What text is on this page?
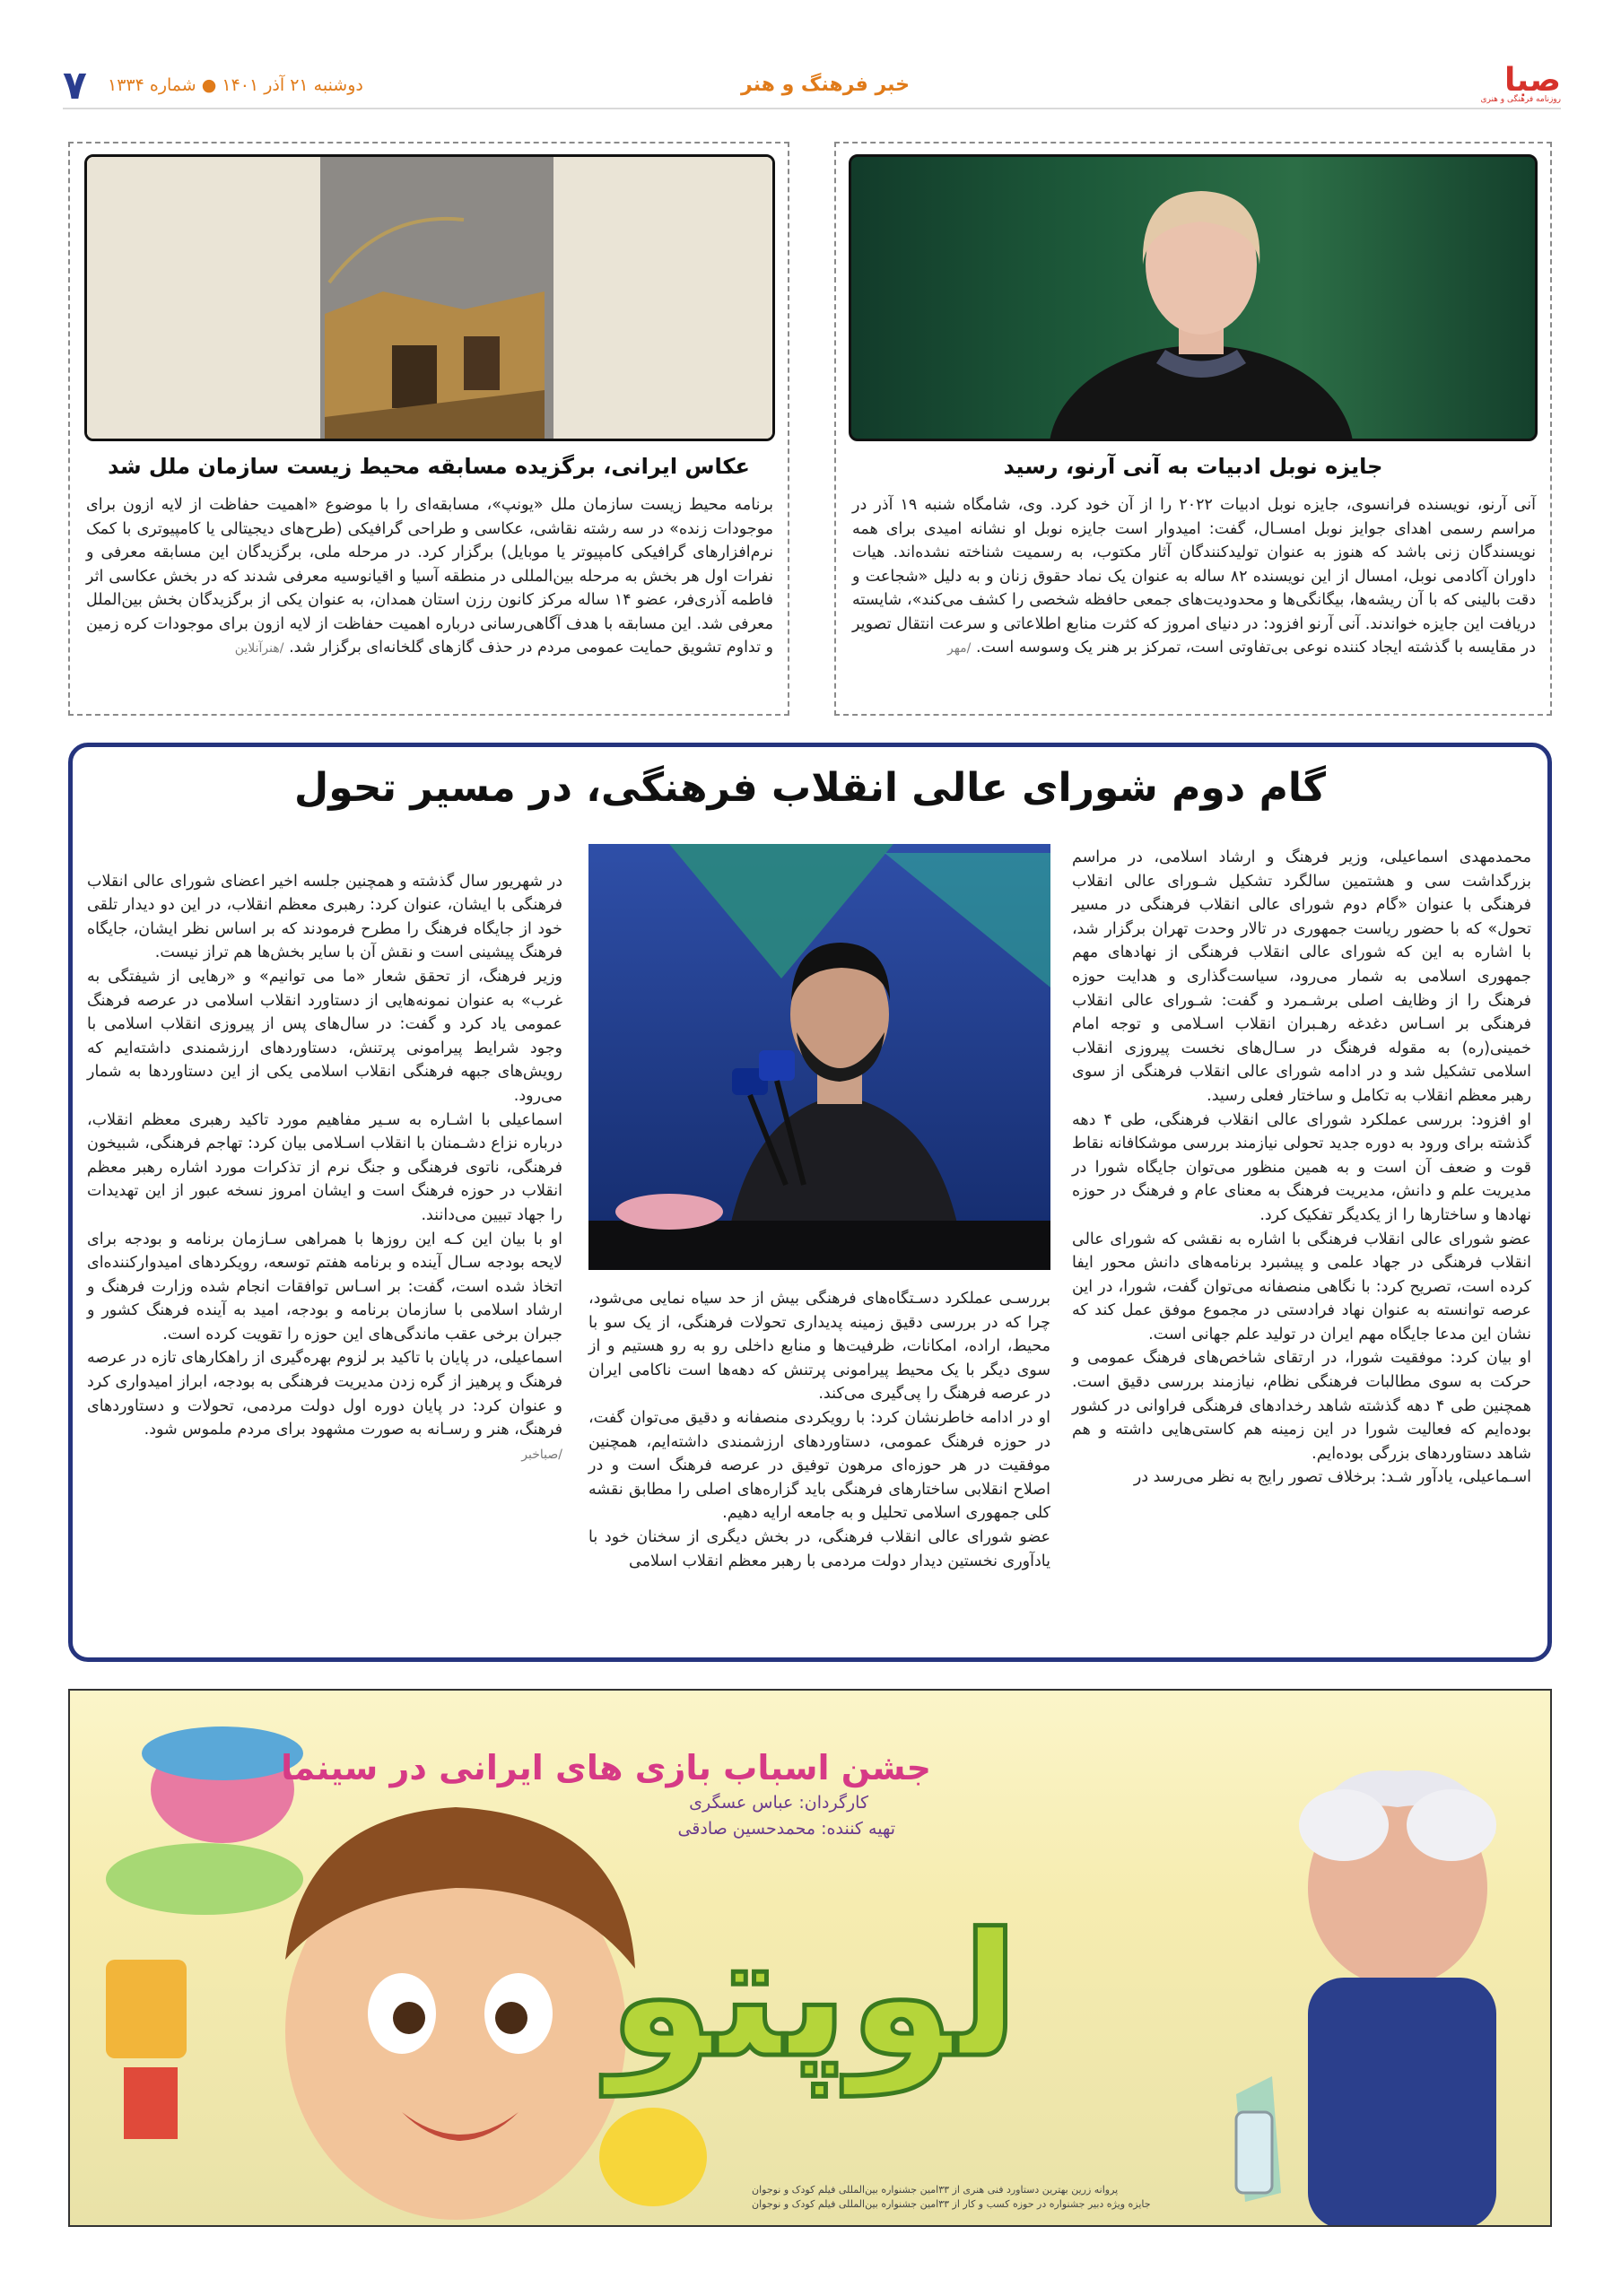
۷ دوشنبه ۲۱ آذر ۱۴۰۱ ● شماره ۱۳۳۴	خبر فرهنگ و هنر	صبا
روزنامه فرهنگی و هنری
جایزه نوبل ادبیات به آنی آرنو، رسید
آنی آرنو، نویسنده فرانسوی، جایزه نوبل ادبیات ۲۰۲۲ را از آن خود کرد. وی، شامگاه شنبه ۱۹ آذر در مراسم رسمی اهدای جوایز نوبل امسـال، گفت: امیدوار است جایزه نوبل او نشانه امیدی برای همه نویسندگان زنی باشد که هنوز به عنوان تولیدکنندگان آثار مکتوب، به رسمیت شناخته نشده‌اند. هیات داوران آکادمی نوبل، امسال از این نویسنده ۸۲ ساله به عنوان یک نماد حقوق زنان و به دلیل «شجاعت و دقت بالینی که با آن ریشه‌ها، بیگانگی‌ها و محدودیت‌های جمعی حافظه شخصی را کشف می‌کند»، شایسته دریافت این جایزه خواندند. آنی آرنو افزود: در دنیای امروز که کثرت منابع اطلاعاتی و سرعت انتقال تصویر در مقایسه با گذشته ایجاد کننده نوعی بی‌تفاوتی است، تمرکز بر هنر یک وسوسه است. /مهر
عکاس ایرانی، برگزیده مسابقه محیط زیست سازمان ملل شد
برنامه محیط زیست سازمان ملل «یونپ»، مسابقه‌ای را با موضوع «اهمیت حفاظت از لایه ازون برای موجودات زنده» در سه رشته نقاشی، عکاسی و طراحی گرافیکی (طرح‌های دیجیتالی یا کامپیوتری با کمک نرم‌افزارهای گرافیکی کامپیوتر یا موبایل) برگزار کرد. در مرحله ملی، برگزیدگان این مسابقه معرفی و نفرات اول هر بخش به مرحله بین‌المللی در منطقه آسیا و اقیانوسیه معرفی شدند که در بخش عکاسی اثر فاطمه آذری‌فر، عضو ۱۴ ساله مرکز کانون رزن استان همدان، به عنوان یکی از برگزیدگان بخش بین‌الملل معرفی شد. این مسابقه با هدف آگاهی‌رسانی درباره اهمیت حفاظت از لایه ازون برای موجودات کره زمین و تداوم تشویق حمایت عمومی مردم در حذف گازهای گلخانه‌ای برگزار شد. /هنرآنلاین
گام دوم شورای عالی انقلاب فرهنگی، در مسیر تحول
محمدمهدی اسماعیلی، وزیر فرهنگ و ارشاد اسلامی، در مراسم بزرگداشت سی و هشتمین سالگرد تشکیل شـورای عالی انقلاب فرهنگی با عنوان «گام دوم شورای عالی انقلاب فرهنگی در مسیر تحول» که با حضور ریاست جمهوری در تالار وحدت تهران برگزار شد، با اشاره به این که شورای عالی انقلاب فرهنگی از نهادهای مهم جمهوری اسلامی به شمار می‌رود، سیاست‌گذاری و هدایت حوزه فرهنگ را از وظایف اصلی برشـمرد و گفت: شـورای عالی انقلاب فرهنگی بر اسـاس دغدغه رهـبران انقلاب اسـلامی و توجه امام خمینی(ره) به مقوله فرهنگ در سـال‌های نخست پیروزی انقلاب اسلامی تشکیل شد و در ادامه شورای عالی انقلاب فرهنگی از سوی رهبر معظم انقلاب به تکامل و ساختار فعلی رسید.
او افزود: بررسی عملکرد شورای عالی انقلاب فرهنگی، طی ۴ دهه گذشته برای ورود به دوره جدید تحولی نیازمند بررسی موشکافانه نقاط قوت و ضعف آن است و به همین منظور می‌توان جایگاه شورا در مدیریت علم و دانش، مدیریت فرهنگ به معنای عام و فرهنگ در حوزه نهادها و ساختارها را از یکدیگر تفکیک کرد.
عضو شورای عالی انقلاب فرهنگی با اشاره به نقشی که شورای عالی انقلاب فرهنگی در جهاد علمی و پیشبرد برنامه‌های دانش محور ایفا کرده است، تصریح کرد: با نگاهی منصفانه می‌توان گفت، شورا، در این عرصه توانسته به عنوان نهاد فرادستی در مجموع موفق عمل کند که نشان این مدعا جایگاه مهم ایران در تولید علم جهانی است.
او بیان کرد: موفقیت شورا، در ارتقای شاخص‌های فرهنگ عمومی و حرکت به سوی مطالبات فرهنگی نظام، نیازمند بررسی دقیق است. همچنین طی ۴ دهه گذشته شاهد رخدادهای فرهنگی فراوانی در کشور بوده‌ایم که فعالیت شورا در این زمینه هم کاستی‌هایی داشته و هم شاهد دستاوردهای بزرگی بوده‌ایم.
اسـماعیلی، یادآور شـد: برخلاف تصور رایج به نظر می‌رسد در
بررسـی عملکرد دسـتگاه‌های فرهنگی بیش از حد سیاه نمایی می‌شود، چرا که در بررسی دقیق زمینه پدیداری تحولات فرهنگی، از یک سو با محیط، اراده، امکانات، ظرفیت‌ها و منابع داخلی رو به رو هستیم و از سوی دیگر با یک محیط پیرامونی پرتنش که دهه‌ها است ناکامی ایران در عرصه فرهنگ را پی‌گیری می‌کند.
او در ادامه خاطرنشان کرد: با رویکردی منصفانه و دقیق می‌توان گفت، در حوزه فرهنگ عمومی، دستاوردهای ارزشمندی داشته‌ایم، همچنین موفقیت در هر حوزه‌ای مرهون توفیق در عرصه فرهنگ است و در اصلاح انقلابی ساختارهای فرهنگی باید گزاره‌های اصلی را مطابق نقشه کلی جمهوری اسلامی تحلیل و به جامعه ارایه دهیم.
عضو شورای عالی انقلاب فرهنگی، در بخش دیگری از سخنان خود با یادآوری نخستین دیدار دولت مردمی با رهبر معظم انقلاب اسلامی

در شهریور سال گذشته و همچنین جلسه اخیر اعضای شورای عالی انقلاب فرهنگی با ایشان، عنوان کرد: رهبری معظم انقلاب، در این دو دیدار تلقی خود از جایگاه فرهنگ را مطرح فرمودند که بر اساس نظر ایشان، جایگاه فرهنگ پیشینی است و نقش آن با سایر بخش‌ها هم تراز نیست.
وزیر فرهنگ، از تحقق شعار «ما می توانیم» و «رهایی از شیفتگی به غرب» به عنوان نمونه‌هایی از دستاورد انقلاب اسلامی در عرصه فرهنگ عمومی یاد کرد و گفت: در سال‌های پس از پیروزی انقلاب اسلامی با وجود شرایط پیرامونی پرتنش، دستاوردهای ارزشمندی داشته‌ایم که رویش‌های جبهه فرهنگی انقلاب اسلامی یکی از این دستاوردها به شمار می‌رود.
اسماعیلی با اشـاره به سـیر مفاهیم مورد تاکید رهبری معظم انقلاب، درباره نزاع دشـمنان با انقلاب اسـلامی بیان کرد: تهاجم فرهنگی، شبیخون فرهنگی، ناتوی فرهنگی و جنگ نرم از تذکرات مورد اشاره رهبر معظم انقلاب در حوزه فرهنگ است و ایشان امروز نسخه عبور از این تهدیدات را جهاد تبیین می‌دانند.
او با بیان این کـه این روزها با همراهی سـازمان برنامه و بودجه برای لایحه بودجه سـال آینده و برنامه هفتم توسعه، رویکردهای امیدوارکننده‌ای اتخاذ شده است، گفت: بر اسـاس توافقات انجام شده وزارت فرهنگ و ارشاد اسلامی با سازمان برنامه و بودجه، امید به آینده فرهنگ کشور و جبران برخی عقب ماندگی‌های این حوزه را تقویت کرده است.
اسماعیلی، در پایان با تاکید بر لزوم بهره‌گیری از راهکارهای تازه در عرصه فرهنگ و پرهیز از گره زدن مدیریت فرهنگی به بودجه، ابراز امیدواری کرد و عنوان کرد: در پایان دوره اول دولت مردمی، تحولات و دستاوردهای فرهنگ، هنر و رسـانه به صورت مشهود برای مردم ملموس شود.
/صباخبر

جشن اسباب بازی های ایرانی در سینما
کارگردان: عباس عسگری
تهیه کننده: محمدحسین صادقی
لوپتو
پروانه زرین بهترین دستاورد فنی هنری از ۳۳امین جشنواره بین‌المللی فیلم کودک و نوجوان
جایزه ویژه دبیر جشنواره در حوزه کسب و کار از ۳۳امین جشنواره بین‌المللی فیلم کودک و نوجوان
